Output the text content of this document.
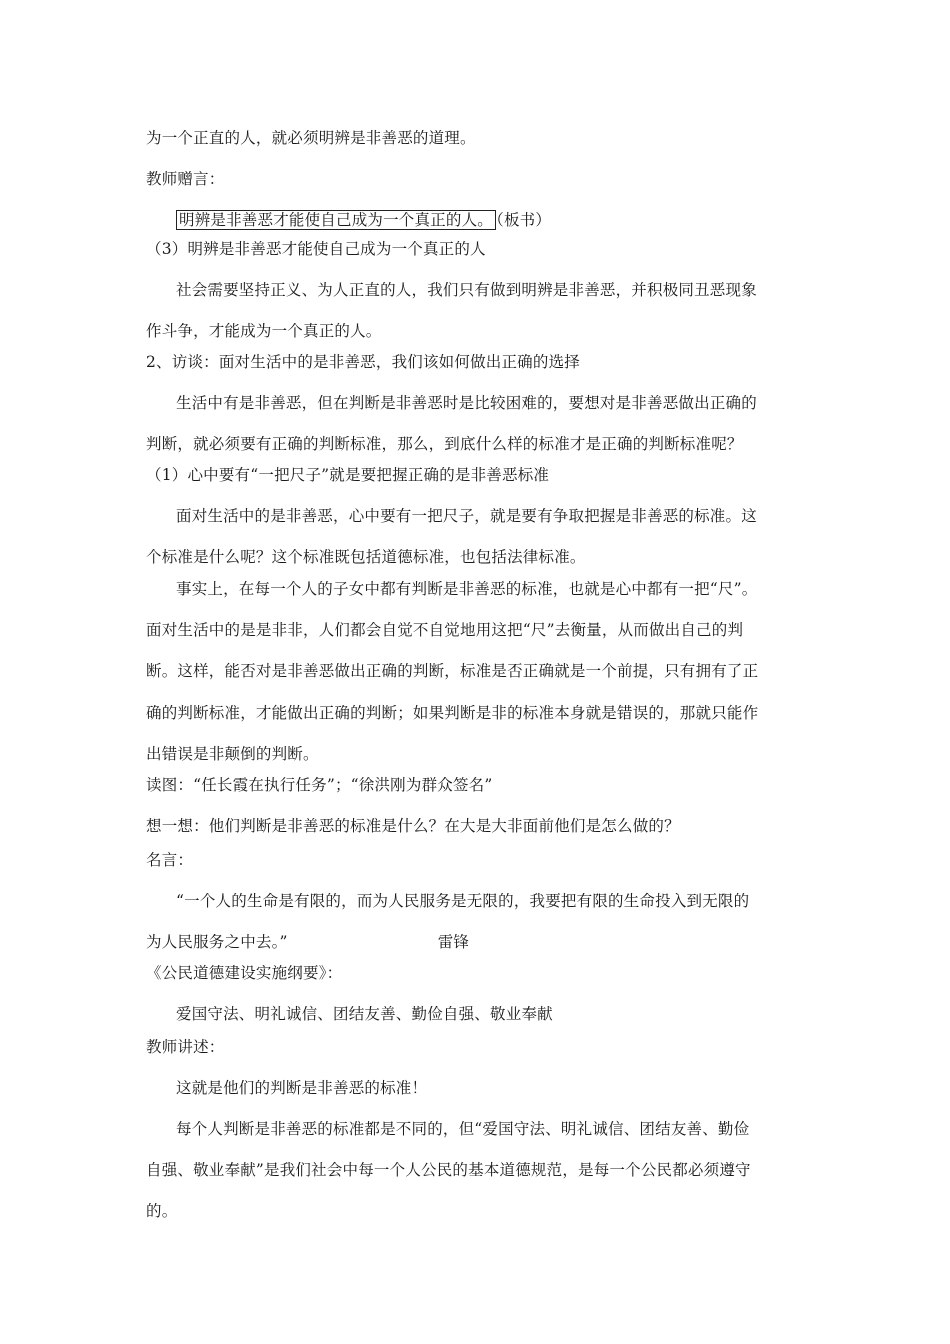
为一个正直的人，就必须明辨是非善恶的道理。
教师赠言：
明辨是非善恶才能使自己成为一个真正的人。 （板书）
（3）明辨是非善恶才能使自己成为一个真正的人
社会需要坚持正义、为人正直的人，我们只有做到明辨是非善恶，并积极同丑恶现象
作斗争，才能成为一个真正的人。
2、访谈：面对生活中的是非善恶，我们该如何做出正确的选择
生活中有是非善恶，但在判断是非善恶时是比较困难的，要想对是非善恶做出正确的
判断，就必须要有正确的判断标准，那么，到底什么样的标准才是正确的判断标准呢？
（1）心中要有“一把尺子”就是要把握正确的是非善恶标准
面对生活中的是非善恶，心中要有一把尺子，就是要有争取把握是非善恶的标准。这
个标准是什么呢？这个标准既包括道德标准，也包括法律标准。
事实上，在每一个人的子女中都有判断是非善恶的标准，也就是心中都有一把“尺”。
面对生活中的是是非非，人们都会自觉不自觉地用这把“尺”去衡量，从而做出自己的判
断。这样，能否对是非善恶做出正确的判断，标准是否正确就是一个前提，只有拥有了正
确的判断标准，才能做出正确的判断；如果判断是非的标准本身就是错误的，那就只能作
出错误是非颠倒的判断。
读图：“任长霞在执行任务”；“徐洪刚为群众签名”
想一想：他们判断是非善恶的标准是什么？在大是大非面前他们是怎么做的？
名言：
“一个人的生命是有限的，而为人民服务是无限的，我要把有限的生命投入到无限的
为人民服务之中去。”	雷锋
《公民道德建设实施纲要》：
爱国守法、明礼诚信、团结友善、勤俭自强、敬业奉献
教师讲述：
这就是他们的判断是非善恶的标准！
每个人判断是非善恶的标准都是不同的，但“爱国守法、明礼诚信、团结友善、勤俭
自强、敬业奉献”是我们社会中每一个人公民的基本道德规范，是每一个公民都必须遵守
的。
